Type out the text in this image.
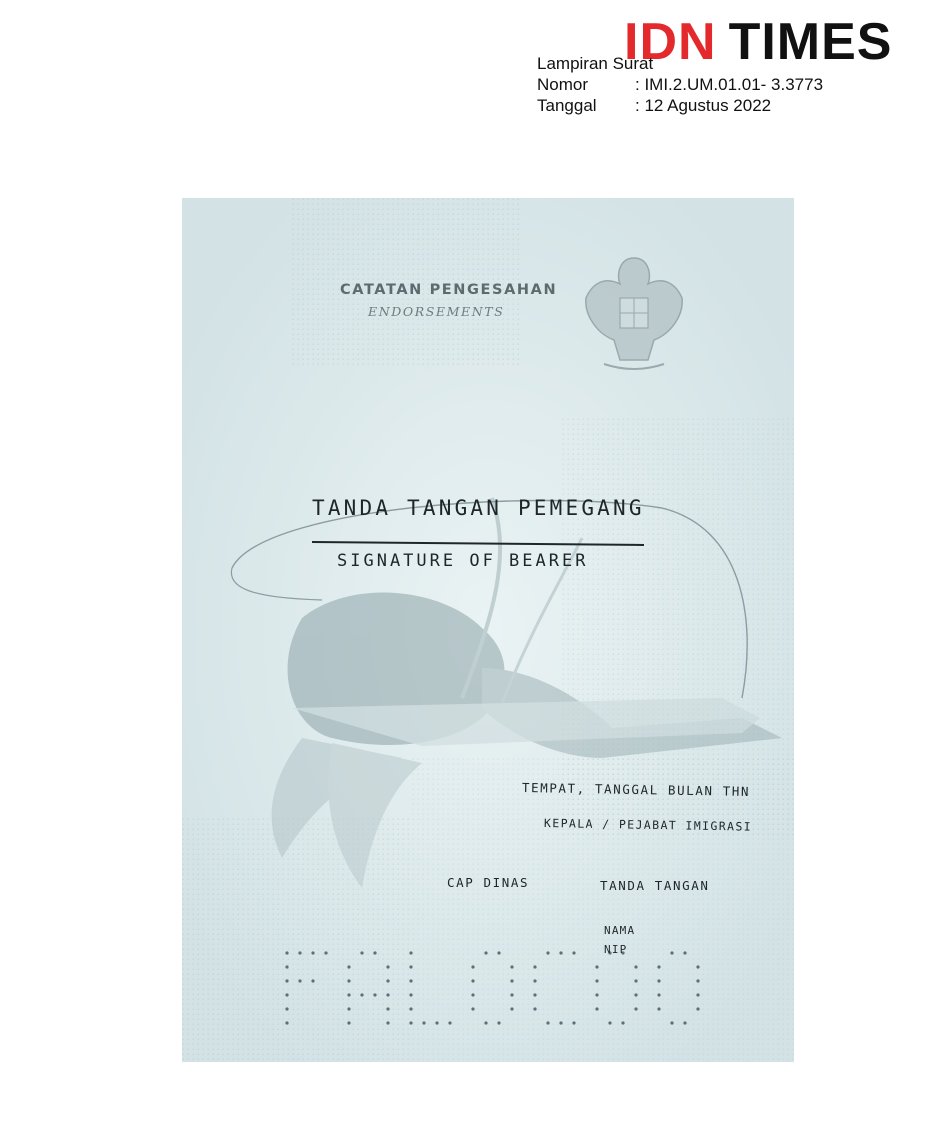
IDN TIMES
Lampiran Surat
Nomor	: IMI.2.UM.01.01- 3.3773
Tanggal	: 12 Agustus 2022
CATATAN PENGESAHAN
ENDORSEMENTS
TANDA TANGAN PEMEGANG
SIGNATURE OF BEARER
TEMPAT, TANGGAL BULAN THN
KEPALA / PEJABAT IMIGRASI
CAP DINAS	TANDA TANGAN
NAMA
NIP
